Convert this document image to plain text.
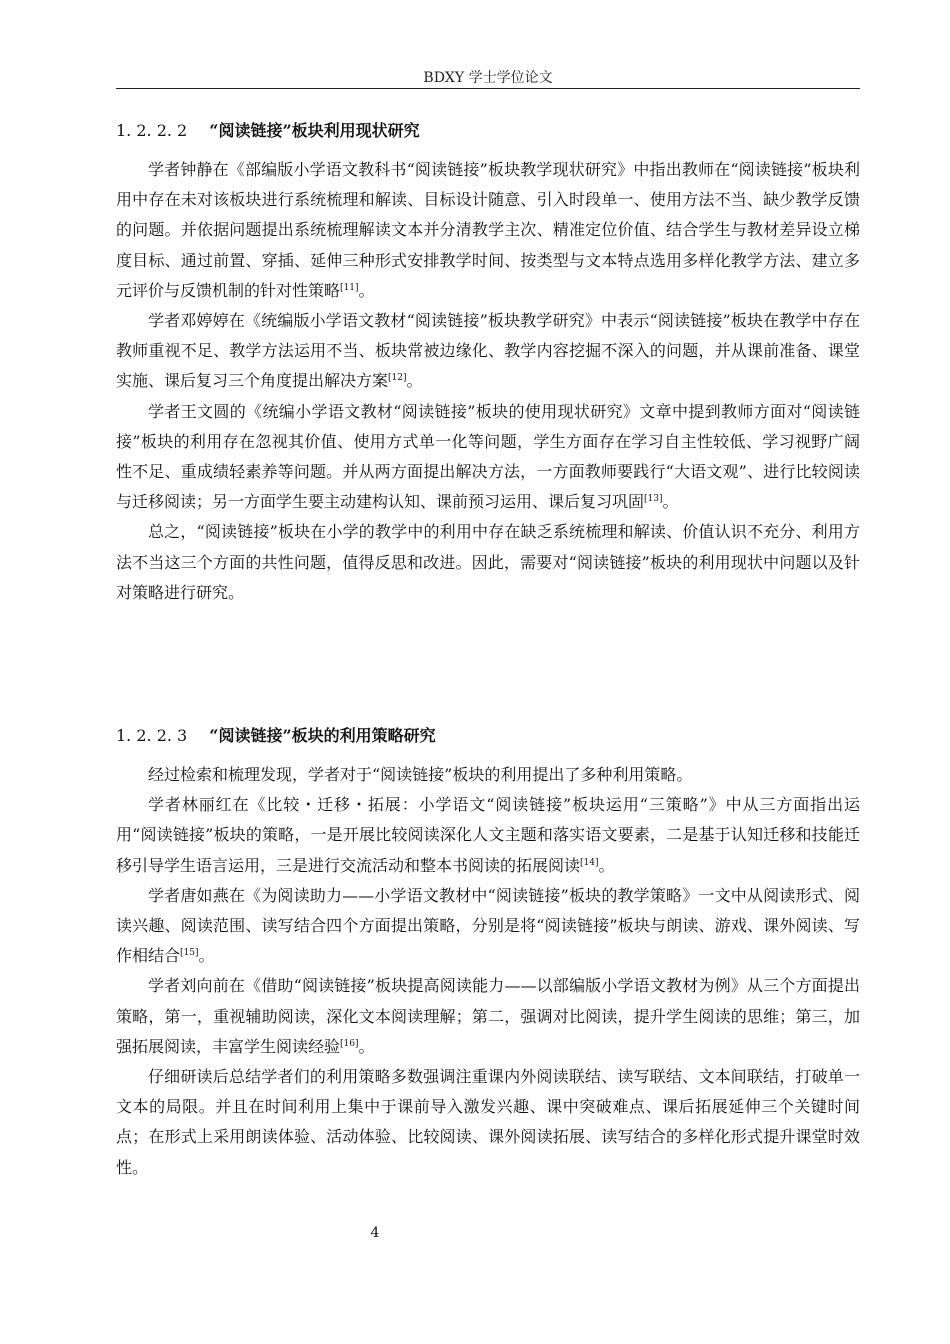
BDXY 学士学位论文
1. 2. 2. 2 “阅读链接”板块利用现状研究

学者钟静在《部编版小学语文教科书“阅读链接”板块教学现状研究》中指出教师在“阅读链接”板块利用中存在未对该板块进行系统梳理和解读、目标设计随意、引入时段单一、使用方法不当、缺少教学反馈的问题。并依据问题提出系统梳理解读文本并分清教学主次、精准定位价值、结合学生与教材差异设立梯度目标、通过前置、穿插、延伸三种形式安排教学时间、按类型与文本特点选用多样化教学方法、建立多元评价与反馈机制的针对性策略[11]。

学者邓婷婷在《统编版小学语文教材“阅读链接”板块教学研究》中表示“阅读链接”板块在教学中存在教师重视不足、教学方法运用不当、板块常被边缘化、教学内容挖掘不深入的问题，并从课前准备、课堂实施、课后复习三个角度提出解决方案[12]。

学者王文圆的《统编小学语文教材“阅读链接”板块的使用现状研究》文章中提到教师方面对“阅读链接”板块的利用存在忽视其价值、使用方式单一化等问题，学生方面存在学习自主性较低、学习视野广阔性不足、重成绩轻素养等问题。并从两方面提出解决方法，一方面教师要践行“大语文观”、进行比较阅读与迁移阅读；另一方面学生要主动建构认知、课前预习运用、课后复习巩固[13]。

总之，“阅读链接”板块在小学的教学中的利用中存在缺乏系统梳理和解读、价值认识不充分、利用方法不当这三个方面的共性问题，值得反思和改进。因此，需要对“阅读链接”板块的利用现状中问题以及针对策略进行研究。

1. 2. 2. 3 “阅读链接”板块的利用策略研究

经过检索和梳理发现，学者对于“阅读链接”板块的利用提出了多种利用策略。

学者林丽红在《比较・迁移・拓展：小学语文“阅读链接”板块运用“三策略”》中从三方面指出运用“阅读链接”板块的策略，一是开展比较阅读深化人文主题和落实语文要素，二是基于认知迁移和技能迁移引导学生语言运用，三是进行交流活动和整本书阅读的拓展阅读[14]。

学者唐如燕在《为阅读助力——小学语文教材中“阅读链接”板块的教学策略》一文中从阅读形式、阅读兴趣、阅读范围、读写结合四个方面提出策略，分别是将“阅读链接”板块与朗读、游戏、课外阅读、写作相结合[15]。

学者刘向前在《借助“阅读链接”板块提高阅读能力——以部编版小学语文教材为例》从三个方面提出策略，第一，重视辅助阅读，深化文本阅读理解；第二，强调对比阅读，提升学生阅读的思维；第三，加强拓展阅读，丰富学生阅读经验[16]。

仔细研读后总结学者们的利用策略多数强调注重课内外阅读联结、读写联结、文本间联结，打破单一文本的局限。并且在时间利用上集中于课前导入激发兴趣、课中突破难点、课后拓展延伸三个关键时间点；在形式上采用朗读体验、活动体验、比较阅读、课外阅读拓展、读写结合的多样化形式提升课堂时效性。

4
